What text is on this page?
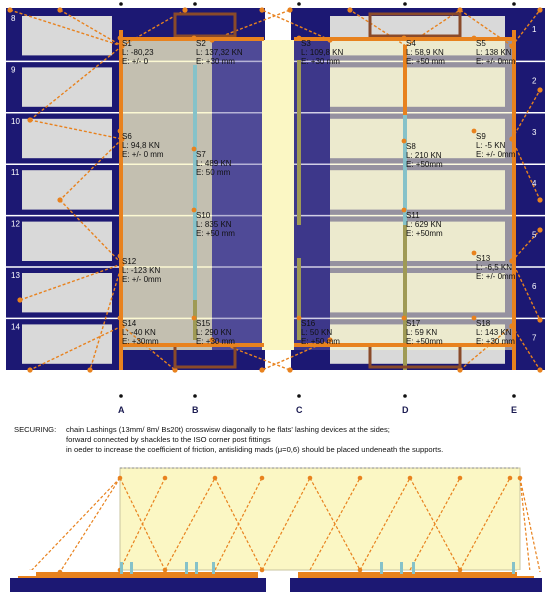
S1
L: -80,23
E: +/- 0
S2
L: 137,32 KN
E: +30 mm
S3
L: 109,8 KN
E: +30 mm
S4
L: 58,9 KN
E: +50 mm
S5
L: 138 KN
E: +/- 0mm
S6
L: 94,8 KN
E: +/- 0 mm	S7
L: 489 KN
E: 50 mm
S8
L: 210 KN
E: +50mm
S9
L: -5 KN
E: +/- 0mm
S10
L: 835 KN
E: +50 mm
S11
L: 629 KN
E: +50mm
S12
L: -123 KN
E: +/- 0mm
S13
L: -6,5 KN
E: +/- 0mm
S14
L: -40 KN
E: +30mm
S15
L: 290 KN
E: +30 mm
S16
L: 50 KN
E: +50 mm
S17
L: 59 KN
E: +50mm
S18
L: 143 KN
E: +30 mm
8
9
10
11
12
13
14
1
2
3
4
5
6
7
A	B	C	D	E
SECURING: chain Lashings (13mm/ 8m/ Bs20t) crosswisw diagonally to he flats' lashing devices at the sides;
forward connected by shackles to the ISO corner post fittings
in oeder to increase the coefficient of friction, antisliding mads (μ=0,6) should be placed undeneath the supports.
